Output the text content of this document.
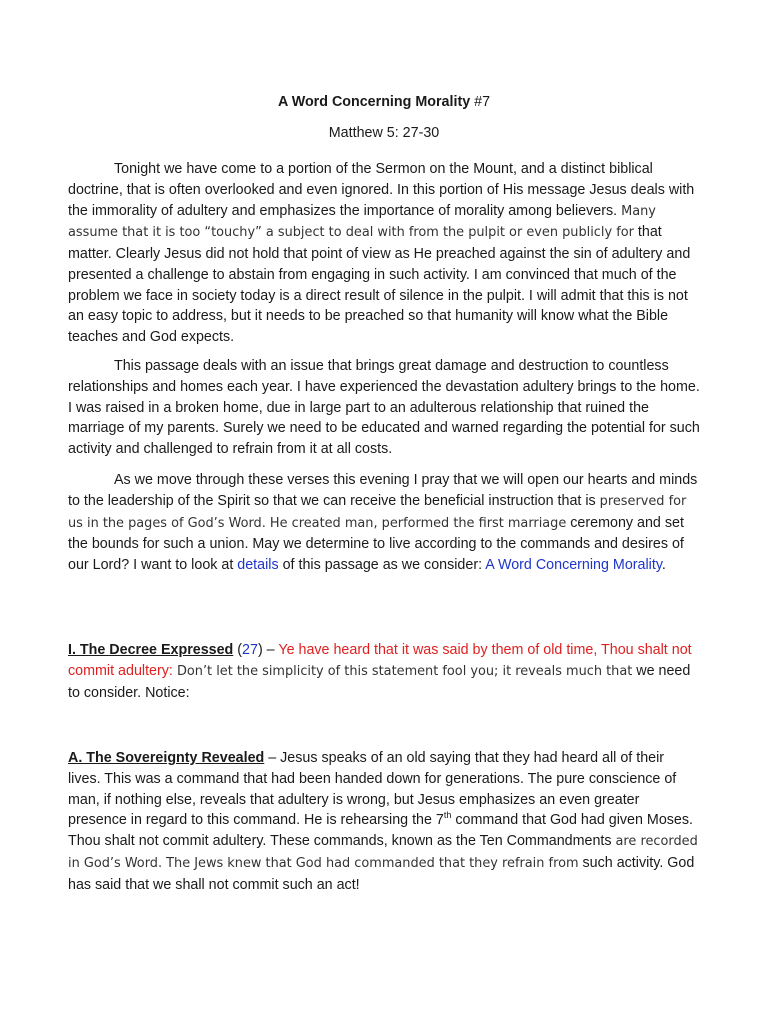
A Word Concerning Morality #7

Matthew 5: 27-30

Tonight we have come to a portion of the Sermon on the Mount, and a distinct biblical doctrine, that is often overlooked and even ignored. In this portion of His message Jesus deals with the immorality of adultery and emphasizes the importance of morality among believers. Many assume that it is too “touchy” a subject to deal with from the pulpit or even publicly for that matter. Clearly Jesus did not hold that point of view as He preached against the sin of adultery and presented a challenge to abstain from engaging in such activity. I am convinced that much of the problem we face in society today is a direct result of silence in the pulpit. I will admit that this is not an easy topic to address, but it needs to be preached so that humanity will know what the Bible teaches and God expects.

This passage deals with an issue that brings great damage and destruction to countless relationships and homes each year. I have experienced the devastation adultery brings to the home. I was raised in a broken home, due in large part to an adulterous relationship that ruined the marriage of my parents. Surely we need to be educated and warned regarding the potential for such activity and challenged to refrain from it at all costs.

As we move through these verses this evening I pray that we will open our hearts and minds to the leadership of the Spirit so that we can receive the beneficial instruction that is preserved for us in the pages of God’s Word. He created man, performed the first marriage ceremony and set the bounds for such a union. May we determine to live according to the commands and desires of our Lord? I want to look at details of this passage as we consider: A Word Concerning Morality.

I. The Decree Expressed (27) – Ye have heard that it was said by them of old time, Thou shalt not commit adultery: Don’t let the simplicity of this statement fool you; it reveals much that we need to consider. Notice:

A. The Sovereignty Revealed – Jesus speaks of an old saying that they had heard all of their lives. This was a command that had been handed down for generations. The pure conscience of man, if nothing else, reveals that adultery is wrong, but Jesus emphasizes an even greater presence in regard to this command. He is rehearsing the 7th command that God had given Moses. Thou shalt not commit adultery. These commands, known as the Ten Commandments are recorded in God’s Word. The Jews knew that God had commanded that they refrain from such activity. God has said that we shall not commit such an act!
